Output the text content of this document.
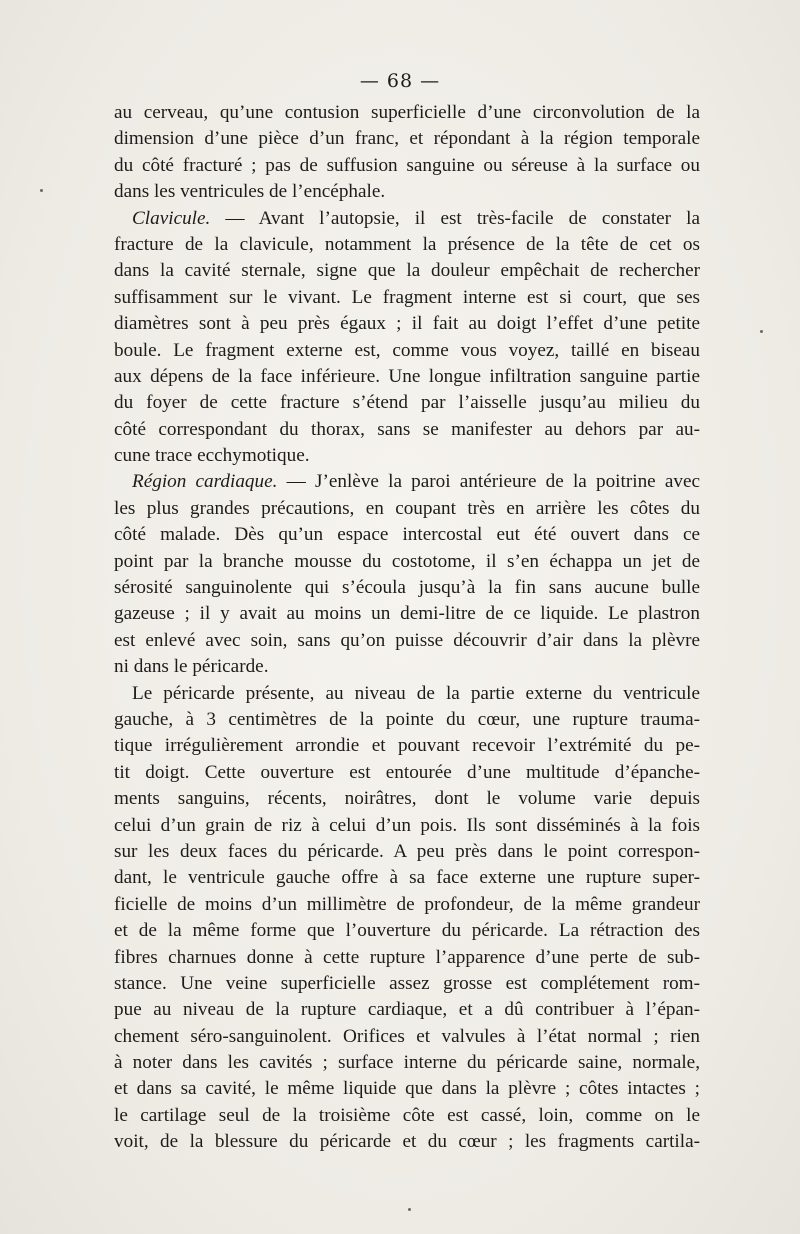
— 68 —
au cerveau, qu’une contusion superficielle d’une circonvolution de la
dimension d’une pièce d’un franc, et répondant à la région temporale
du côté fracturé ; pas de suffusion sanguine ou séreuse à la surface ou
dans les ventricules de l’encéphale.
Clavicule. — Avant l’autopsie, il est très-facile de constater la
fracture de la clavicule, notamment la présence de la tête de cet os
dans la cavité sternale, signe que la douleur empêchait de rechercher
suffisamment sur le vivant. Le fragment interne est si court, que ses
diamètres sont à peu près égaux ; il fait au doigt l’effet d’une petite
boule. Le fragment externe est, comme vous voyez, taillé en biseau
aux dépens de la face inférieure. Une longue infiltration sanguine partie
du foyer de cette fracture s’étend par l’aisselle jusqu’au milieu du
côté correspondant du thorax, sans se manifester au dehors par au-
cune trace ecchymotique.
Région cardiaque. — J’enlève la paroi antérieure de la poitrine avec
les plus grandes précautions, en coupant très en arrière les côtes du
côté malade. Dès qu’un espace intercostal eut été ouvert dans ce
point par la branche mousse du costotome, il s’en échappa un jet de
sérosité sanguinolente qui s’écoula jusqu’à la fin sans aucune bulle
gazeuse ; il y avait au moins un demi-litre de ce liquide. Le plastron
est enlevé avec soin, sans qu’on puisse découvrir d’air dans la plèvre
ni dans le péricarde.
Le péricarde présente, au niveau de la partie externe du ventricule
gauche, à 3 centimètres de la pointe du cœur, une rupture trauma-
tique irrégulièrement arrondie et pouvant recevoir l’extrémité du pe-
tit doigt. Cette ouverture est entourée d’une multitude d’épanche-
ments sanguins, récents, noirâtres, dont le volume varie depuis
celui d’un grain de riz à celui d’un pois. Ils sont disséminés à la fois
sur les deux faces du péricarde. A peu près dans le point correspon-
dant, le ventricule gauche offre à sa face externe une rupture super-
ficielle de moins d’un millimètre de profondeur, de la même grandeur
et de la même forme que l’ouverture du péricarde. La rétraction des
fibres charnues donne à cette rupture l’apparence d’une perte de sub-
stance. Une veine superficielle assez grosse est complétement rom-
pue au niveau de la rupture cardiaque, et a dû contribuer à l’épan-
chement séro-sanguinolent. Orifices et valvules à l’état normal ; rien
à noter dans les cavités ; surface interne du péricarde saine, normale,
et dans sa cavité, le même liquide que dans la plèvre ; côtes intactes ;
le cartilage seul de la troisième côte est cassé, loin, comme on le
voit, de la blessure du péricarde et du cœur ; les fragments cartila-
